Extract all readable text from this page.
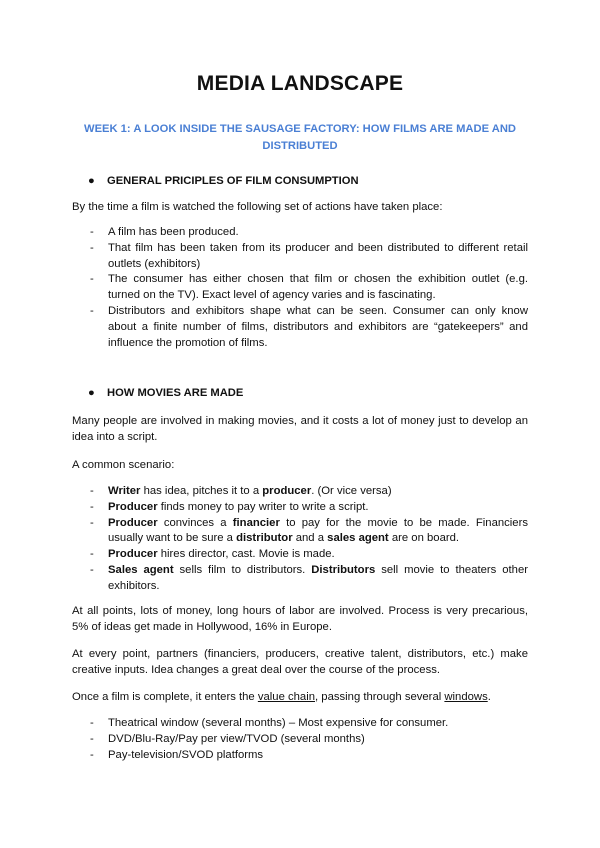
MEDIA LANDSCAPE
WEEK 1: A LOOK INSIDE THE SAUSAGE FACTORY: HOW FILMS ARE MADE AND DISTRIBUTED
● GENERAL PRICIPLES OF FILM CONSUMPTION
By the time a film is watched the following set of actions have taken place:
- A film has been produced.
- That film has been taken from its producer and been distributed to different retail outlets (exhibitors)
- The consumer has either chosen that film or chosen the exhibition outlet (e.g. turned on the TV). Exact level of agency varies and is fascinating.
- Distributors and exhibitors shape what can be seen. Consumer can only know about a finite number of films, distributors and exhibitors are “gatekeepers” and influence the promotion of films.
● HOW MOVIES ARE MADE
Many people are involved in making movies, and it costs a lot of money just to develop an idea into a script.
A common scenario:
- Writer has idea, pitches it to a producer. (Or vice versa)
- Producer finds money to pay writer to write a script.
- Producer convinces a financier to pay for the movie to be made. Financiers usually want to be sure a distributor and a sales agent are on board.
- Producer hires director, cast. Movie is made.
- Sales agent sells film to distributors. Distributors sell movie to theaters other exhibitors.
At all points, lots of money, long hours of labor are involved. Process is very precarious, 5% of ideas get made in Hollywood, 16% in Europe.
At every point, partners (financiers, producers, creative talent, distributors, etc.) make creative inputs. Idea changes a great deal over the course of the process.
Once a film is complete, it enters the value chain, passing through several windows.
- Theatrical window (several months) – Most expensive for consumer.
- DVD/Blu-Ray/Pay per view/TVOD (several months)
- Pay-television/SVOD platforms
